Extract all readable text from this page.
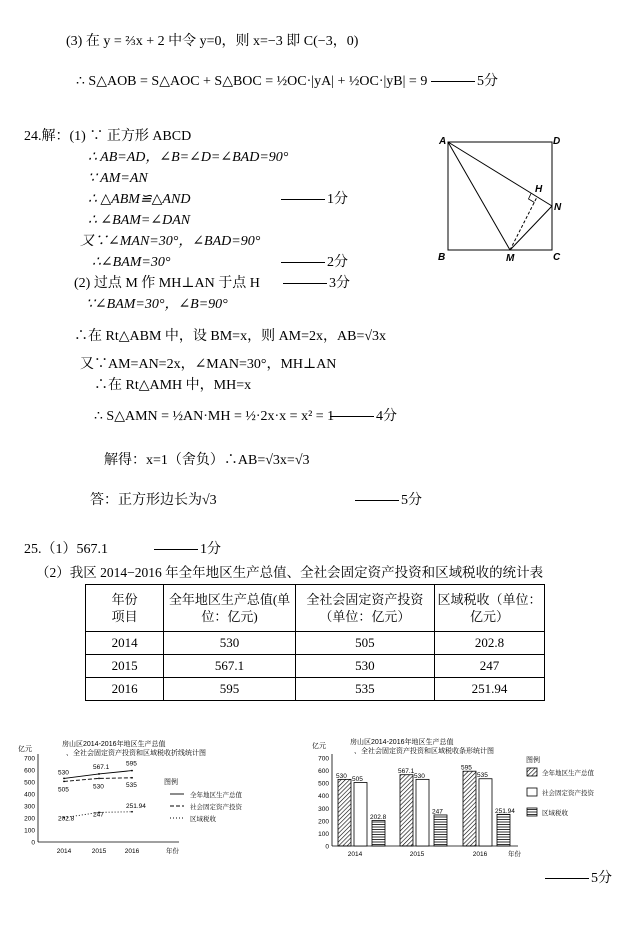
(3) 在 y = ⅔x + 2 中令 y=0，则 x=−3 即 C(−3，0)
∴ S△AOB = S△AOC + S△BOC = ½OC·|yA| + ½OC·|yB| = 9	5分
24.解：(1) ∵ 正方形 ABCD
∴ AB=AD，∠B=∠D=∠BAD=90°
∵ AM=AN
∴ △ABM≌△AND	1分
∴ ∠BAM=∠DAN
又∵∠MAN=30°，∠BAD=90°
∴∠BAM=30°	2分
(2) 过点 M 作 MH⊥AN 于点 H	3分
∵∠BAM=30°，∠B=90°
∴在 Rt△ABM 中，设 BM=x，则 AM=2x，AB=√3x
又∵AM=AN=2x，∠MAN=30°，MH⊥AN
∴在 Rt△AMH 中，MH=x
∴ S△AMN = ½AN·MH = ½·2x·x = x² = 1	4分
解得：x=1（舍负）∴AB=√3x=√3
答：正方形边长为√3	5分
A	D
B	M	C
H
N
25.（1）567.1	1分
（2）我区 2014−2016 年全年地区生产总值、全社会固定资产投资和区域税收的统计表
年份
项目	全年地区生产总值(单位：亿元)	全社会固定资产投资（单位：亿元）	区域税收（单位：亿元）
2014	530	505	202.8
2015	567.1	530	247
2016	595	535	251.94
房山区2014-2016年地区生产总值
、全社会固定资产投资和区域税收折线统计图
亿元
0
100
200
300
400
500
600
700
2014	2015	2016	年份
530
567.1	595
505	530	535
202.8
247
251.94
图例
全年地区生产总值
社会固定资产投资
区域税收
房山区2014-2016年地区生产总值
、全社会固定资产投资和区域税收条形统计图
亿元
0
100
200
300
400
500
600
700
2014	2015	2016	年份
530
567.1
595
505	530	535
202.8
247	251.94
图例
全年地区生产总值
社会固定资产投资
区域税收
5分
